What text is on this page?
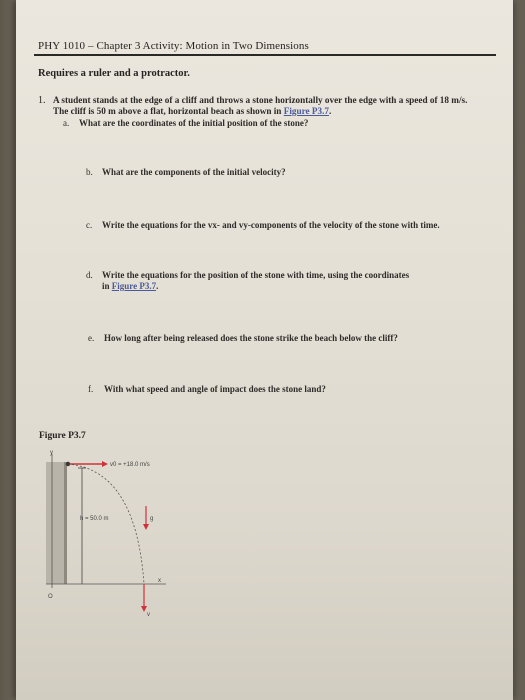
PHY 1010 – Chapter 3 Activity: Motion in Two Dimensions
Requires a ruler and a protractor.
1. A student stands at the edge of a cliff and throws a stone horizontally over the edge with a speed of 18 m/s. The cliff is 50 m above a flat, horizontal beach as shown in Figure P3.7.
a. What are the coordinates of the initial position of the stone?
b. What are the components of the initial velocity?
c. Write the equations for the vx- and vy-components of the velocity of the stone with time.
d.	Write the equations for the position of the stone with time, using the coordinates
in Figure P3.7.
e. How long after being released does the stone strike the beach below the cliff?
f. With what speed and angle of impact does the stone land?
Figure P3.7
y
O
x
h = 50.0 m
v0 = +18.0 m/s
g
v
